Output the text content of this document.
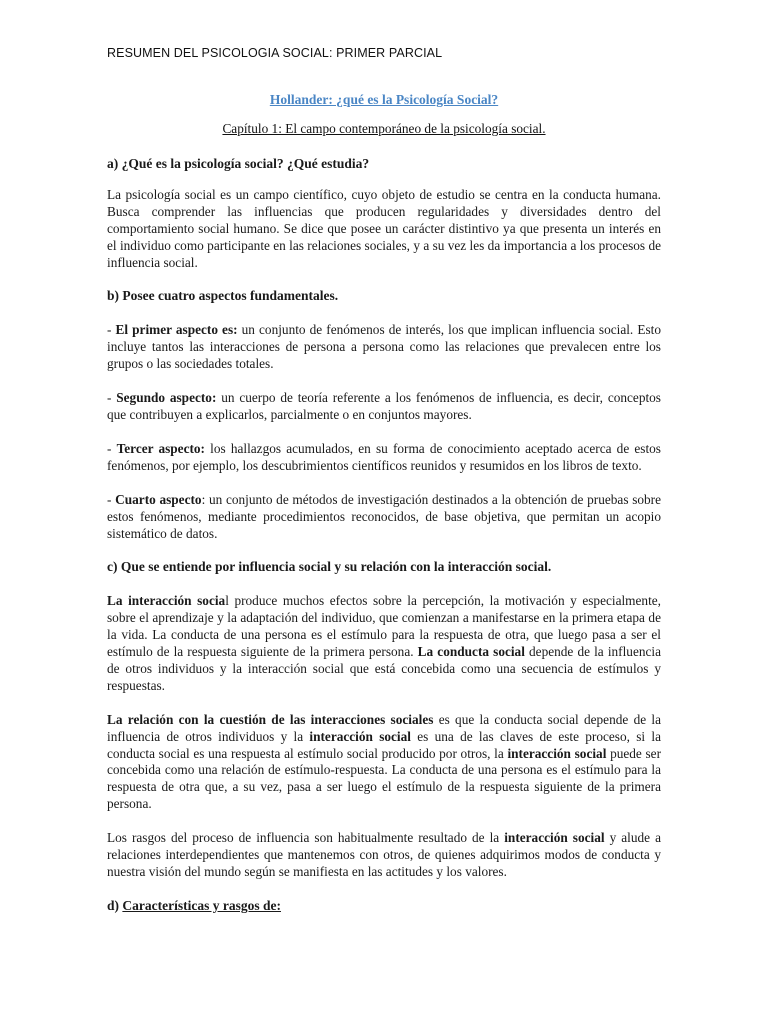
RESUMEN DEL PSICOLOGIA SOCIAL: PRIMER PARCIAL
Hollander: ¿qué es la Psicología Social?
Capítulo 1: El campo contemporáneo de la psicología social.

a) ¿Qué es la psicología social? ¿Qué estudia?

La psicología social es un campo científico, cuyo objeto de estudio se centra en la conducta humana. Busca comprender las influencias que producen regularidades y diversidades dentro del comportamiento social humano. Se dice que posee un carácter distintivo ya que presenta un interés en el individuo como participante en las relaciones sociales, y a su vez les da importancia a los procesos de influencia social.

b) Posee cuatro aspectos fundamentales.

- El primer aspecto es: un conjunto de fenómenos de interés, los que implican influencia social. Esto incluye tantos las interacciones de persona a persona como las relaciones que prevalecen entre los grupos o las sociedades totales.

- Segundo aspecto: un cuerpo de teoría referente a los fenómenos de influencia, es decir, conceptos que contribuyen a explicarlos, parcialmente o en conjuntos mayores.

- Tercer aspecto: los hallazgos acumulados, en su forma de conocimiento aceptado acerca de estos fenómenos, por ejemplo, los descubrimientos científicos reunidos y resumidos en los libros de texto.

- Cuarto aspecto: un conjunto de métodos de investigación destinados a la obtención de pruebas sobre estos fenómenos, mediante procedimientos reconocidos, de base objetiva, que permitan un acopio sistemático de datos.

c) Que se entiende por influencia social y su relación con la interacción social.

La interacción social produce muchos efectos sobre la percepción, la motivación y especialmente, sobre el aprendizaje y la adaptación del individuo, que comienzan a manifestarse en la primera etapa de la vida. La conducta de una persona es el estímulo para la respuesta de otra, que luego pasa a ser el estímulo de la respuesta siguiente de la primera persona. La conducta social depende de la influencia de otros individuos y la interacción social que está concebida como una secuencia de estímulos y respuestas.

La relación con la cuestión de las interacciones sociales es que la conducta social depende de la influencia de otros individuos y la interacción social es una de las claves de este proceso, si la conducta social es una respuesta al estímulo social producido por otros, la interacción social puede ser concebida como una relación de estímulo-respuesta. La conducta de una persona es el estímulo para la respuesta de otra que, a su vez, pasa a ser luego el estímulo de la respuesta siguiente de la primera persona.

Los rasgos del proceso de influencia son habitualmente resultado de la interacción social y alude a relaciones interdependientes que mantenemos con otros, de quienes adquirimos modos de conducta y nuestra visión del mundo según se manifiesta en las actitudes y los valores.

d) Características y rasgos de:
